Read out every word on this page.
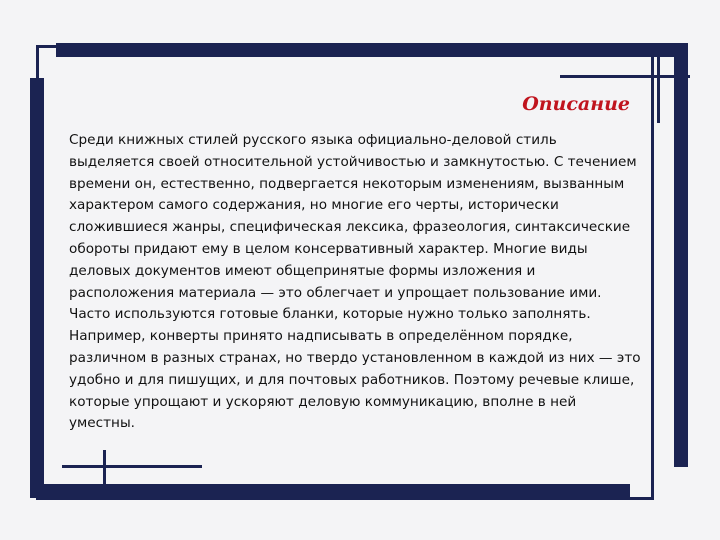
Описание

Среди книжных стилей русского языка официально-деловой стиль выделяется своей относительной устойчивостью и замкнутостью. С течением времени он, естественно, подвергается некоторым изменениям, вызванным характером самого содержания, но многие его черты, исторически сложившиеся жанры, специфическая лексика, фразеология, синтаксические обороты придают ему в целом консервативный характер. Многие виды деловых документов имеют общепринятые формы изложения и расположения материала — это облегчает и упрощает пользование ими. Часто используются готовые бланки, которые нужно только заполнять. Например, конверты принято надписывать в определённом порядке, различном в разных странах, но твердо установленном в каждой из них — это удобно и для пишущих, и для почтовых работников. Поэтому речевые клише, которые упрощают и ускоряют деловую коммуникацию, вполне в ней уместны.
